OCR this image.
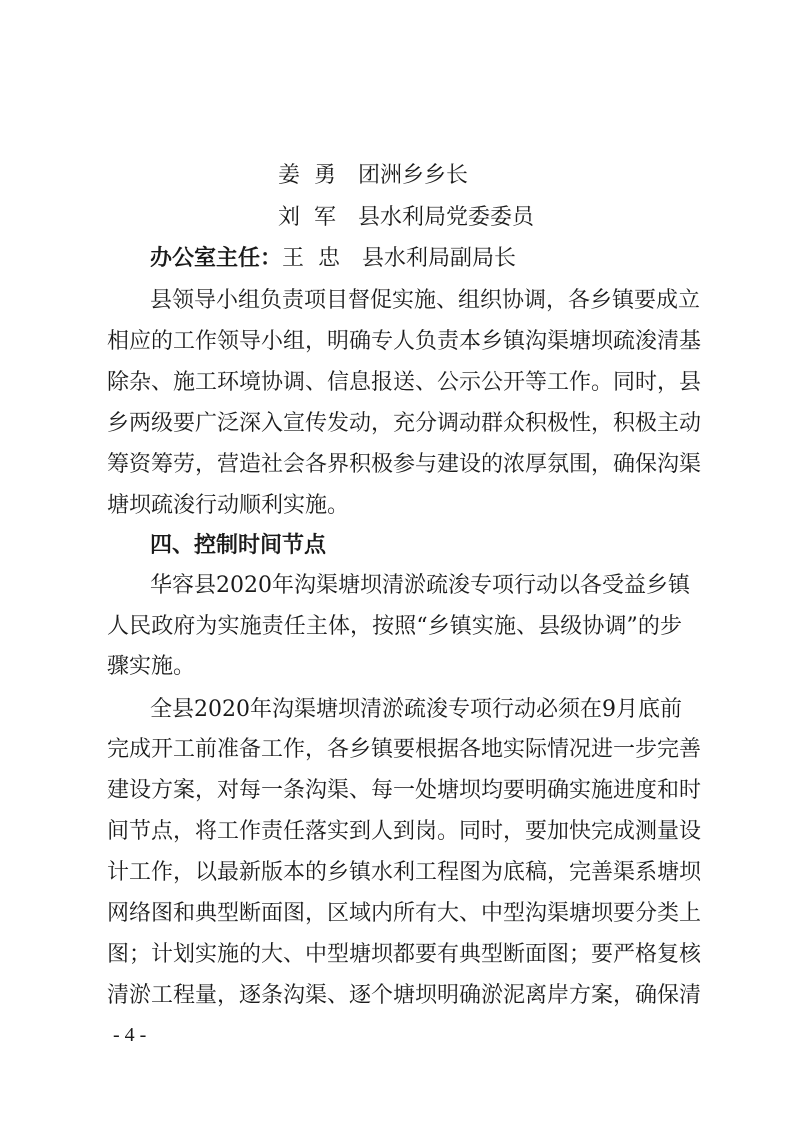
姜  勇 团洲乡乡长
刘  军 县水利局党委委员
办公室主任：王  忠 县水利局副局长
县领导小组负责项目督促实施、组织协调，各乡镇要成立
相应的工作领导小组，明确专人负责本乡镇沟渠塘坝疏浚清基
除杂、施工环境协调、信息报送、公示公开等工作。同时，县
乡两级要广泛深入宣传发动，充分调动群众积极性，积极主动
筹资筹劳，营造社会各界积极参与建设的浓厚氛围，确保沟渠
塘坝疏浚行动顺利实施。
四、控制时间节点
华容县2020年沟渠塘坝清淤疏浚专项行动以各受益乡镇
人民政府为实施责任主体，按照“乡镇实施、县级协调”的步
骤实施。
全县2020年沟渠塘坝清淤疏浚专项行动必须在9月底前
完成开工前准备工作，各乡镇要根据各地实际情况进一步完善
建设方案，对每一条沟渠、每一处塘坝均要明确实施进度和时
间节点，将工作责任落实到人到岗。同时，要加快完成测量设
计工作，以最新版本的乡镇水利工程图为底稿，完善渠系塘坝
网络图和典型断面图，区域内所有大、中型沟渠塘坝要分类上
图；计划实施的大、中型塘坝都要有典型断面图；要严格复核
清淤工程量，逐条沟渠、逐个塘坝明确淤泥离岸方案，确保清
- 4 -
